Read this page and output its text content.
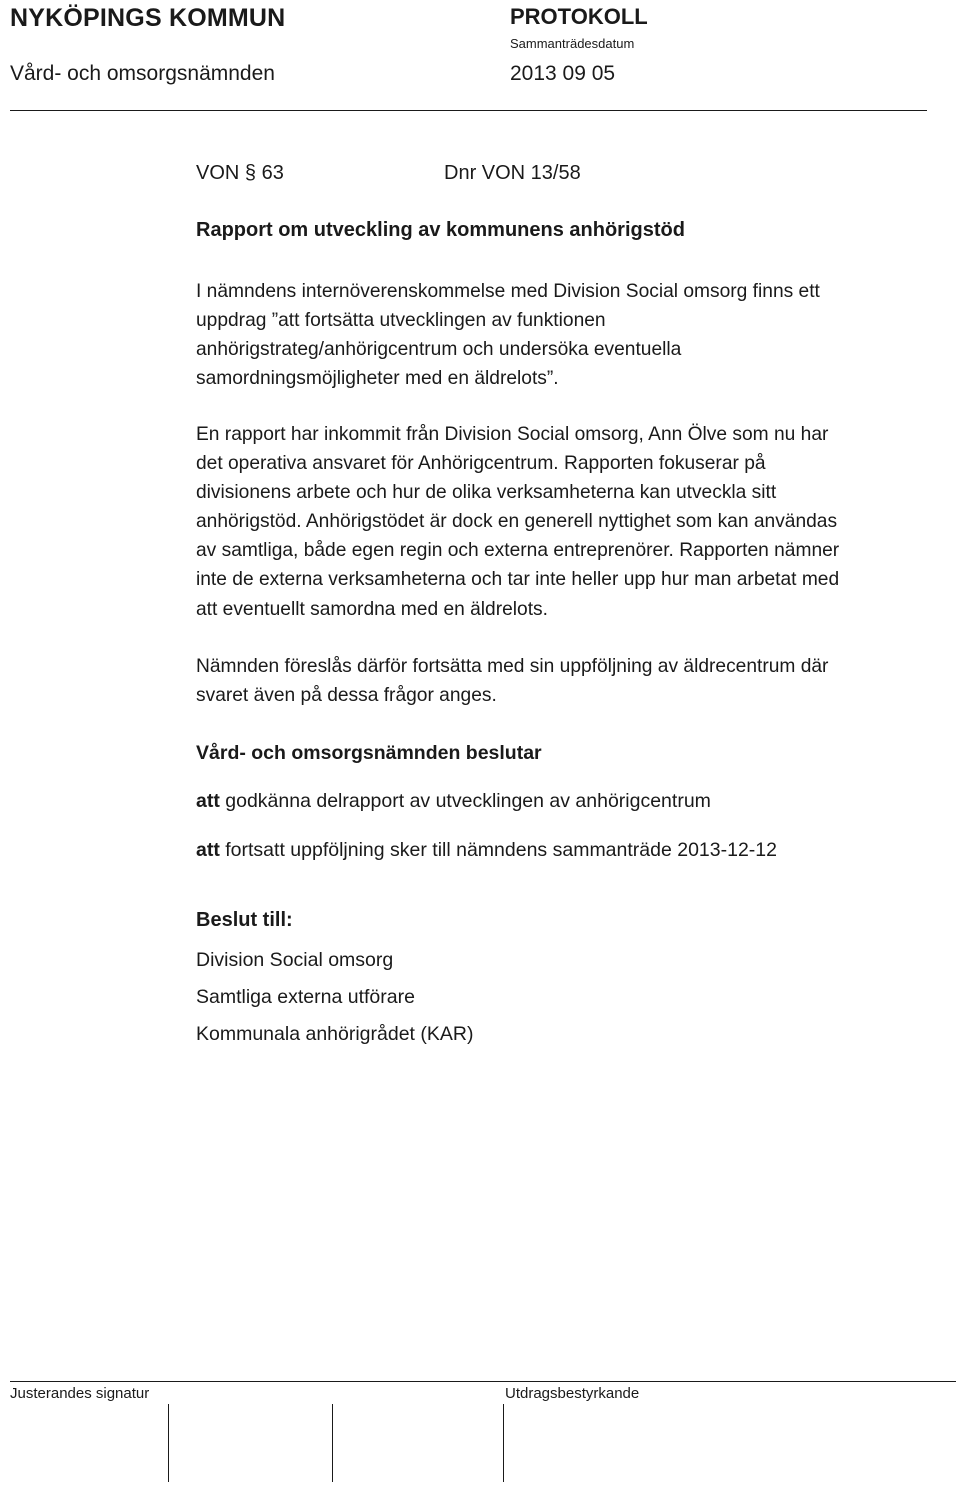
NYKÖPINGS KOMMUN	PROTOKOLL
Sammanträdesdatum
Vård- och omsorgsnämnden	2013 09 05
VON § 63	Dnr VON 13/58
Rapport om utveckling av kommunens anhörigstöd
I nämndens internöverenskommelse med Division Social omsorg finns ett
uppdrag ”att fortsätta utvecklingen av funktionen
anhörigstrateg/anhörigcentrum och undersöka eventuella
samordningsmöjligheter med en äldrelots”.
En rapport har inkommit från Division Social omsorg, Ann Ölve som nu har
det operativa ansvaret för Anhörigcentrum. Rapporten fokuserar på
divisionens arbete och hur de olika verksamheterna kan utveckla sitt
anhörigstöd. Anhörigstödet är dock en generell nyttighet som kan användas
av samtliga, både egen regin och externa entreprenörer. Rapporten nämner
inte de externa verksamheterna och tar inte heller upp hur man arbetat med
att eventuellt samordna med en äldrelots.
Nämnden föreslås därför fortsätta med sin uppföljning av äldrecentrum där
svaret även på dessa frågor anges.
Vård- och omsorgsnämnden beslutar
att godkänna delrapport av utvecklingen av anhörigcentrum
att fortsatt uppföljning sker till nämndens sammanträde 2013-12-12
Beslut till:
Division Social omsorg
Samtliga externa utförare
Kommunala anhörigrådet (KAR)
Justerandes signatur	Utdragsbestyrkande
